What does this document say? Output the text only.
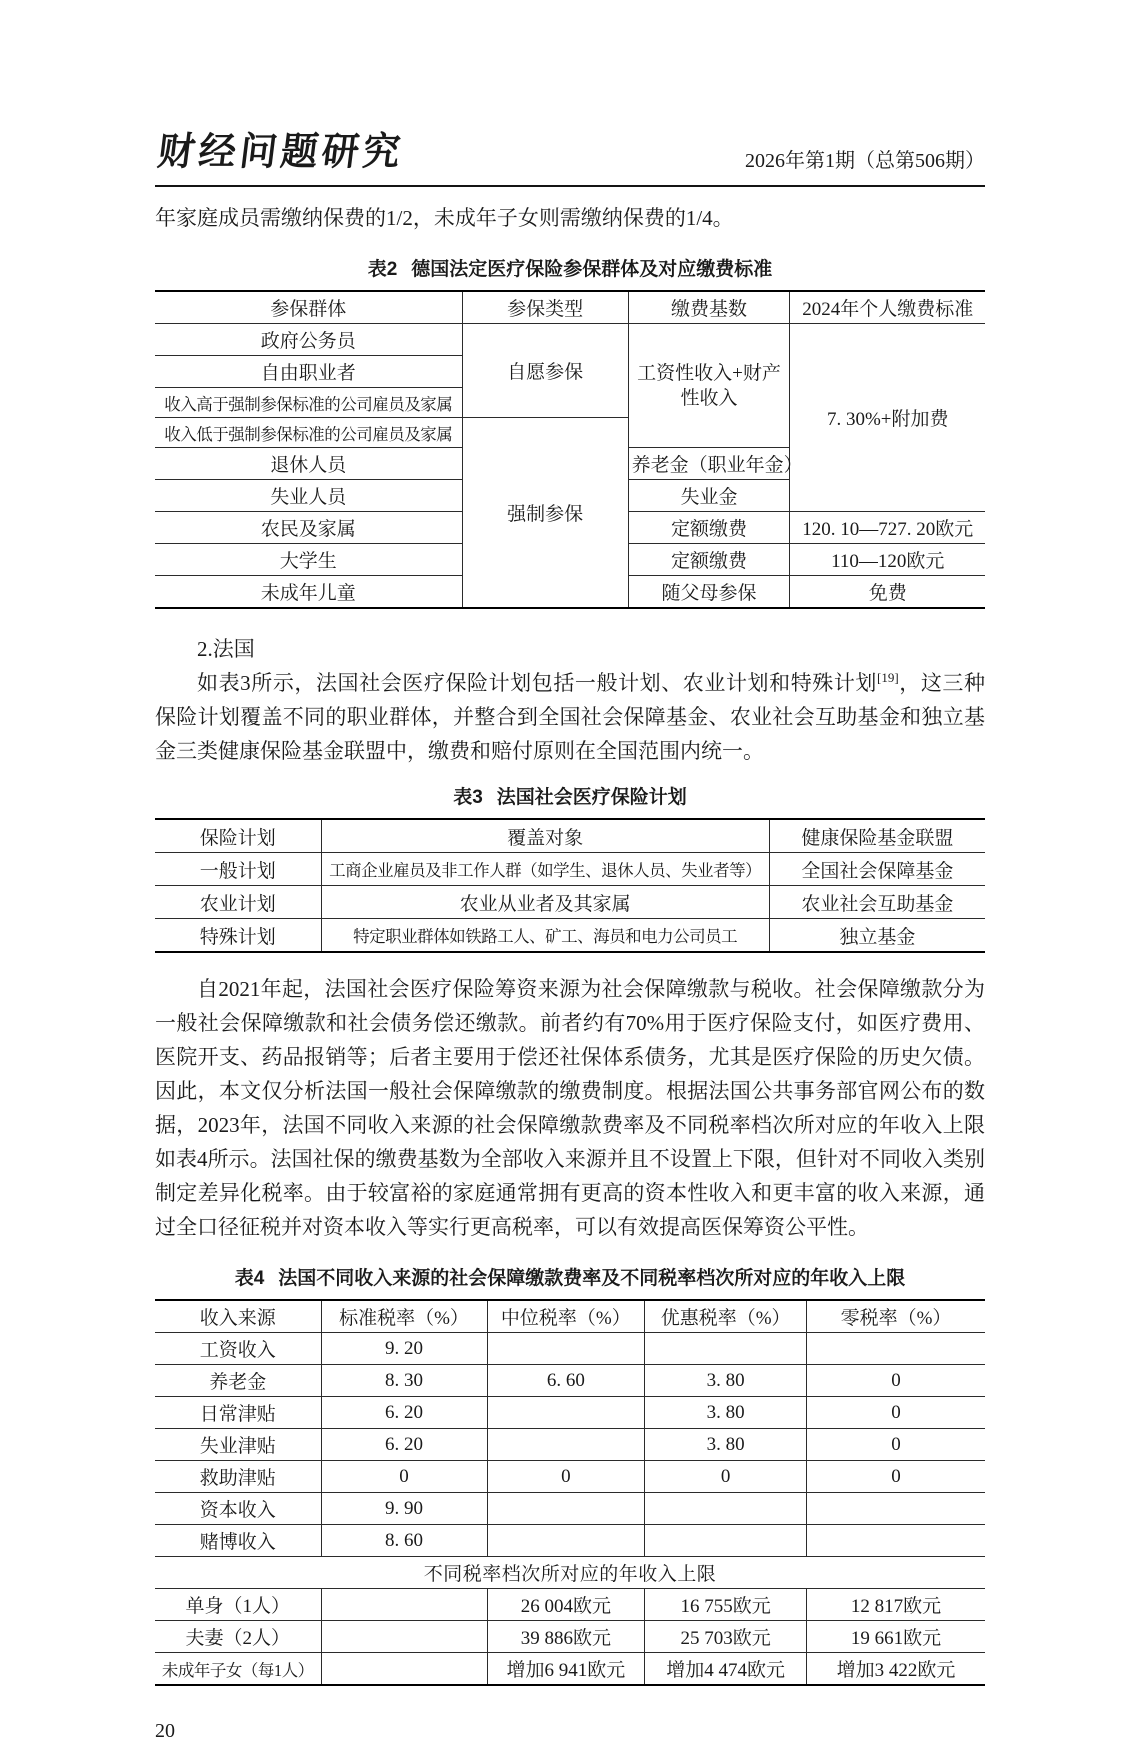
财经问题研究	2026年第1期（总第506期）

年家庭成员需缴纳保费的1/2，未成年子女则需缴纳保费的1/4。

表2 德国法定医疗保险参保群体及对应缴费标准

参保群体	参保类型	缴费基数	2024年个人缴费标准
政府公务员	自愿参保	工资性收入+财产性收入	7. 30%+附加费
自由职业者			
收入高于强制参保标准的公司雇员及家属			
收入低于强制参保标准的公司雇员及家属	强制参保		
退休人员		养老金（职业年金）	
失业人员		失业金	
农民及家属		定额缴费	120. 10—727. 20欧元
大学生		定额缴费	110—120欧元
未成年儿童		随父母参保	免费

2.法国

如表3所示，法国社会医疗保险计划包括一般计划、农业计划和特殊计划[19]，这三种保险计划覆盖不同的职业群体，并整合到全国社会保障基金、农业社会互助基金和独立基金三类健康保险基金联盟中，缴费和赔付原则在全国范围内统一。

表3 法国社会医疗保险计划

保险计划	覆盖对象	健康保险基金联盟
一般计划	工商企业雇员及非工作人群（如学生、退休人员、失业者等）	全国社会保障基金
农业计划	农业从业者及其家属	农业社会互助基金
特殊计划	特定职业群体如铁路工人、矿工、海员和电力公司员工	独立基金

自2021年起，法国社会医疗保险筹资来源为社会保障缴款与税收。社会保障缴款分为一般社会保障缴款和社会债务偿还缴款。前者约有70%用于医疗保险支付，如医疗费用、医院开支、药品报销等；后者主要用于偿还社保体系债务，尤其是医疗保险的历史欠债。因此，本文仅分析法国一般社会保障缴款的缴费制度。根据法国公共事务部官网公布的数据，2023年，法国不同收入来源的社会保障缴款费率及不同税率档次所对应的年收入上限如表4所示。法国社保的缴费基数为全部收入来源并且不设置上下限，但针对不同收入类别制定差异化税率。由于较富裕的家庭通常拥有更高的资本性收入和更丰富的收入来源，通过全口径征税并对资本收入等实行更高税率，可以有效提高医保筹资公平性。

表4 法国不同收入来源的社会保障缴款费率及不同税率档次所对应的年收入上限

收入来源	标准税率（%）	中位税率（%）	优惠税率（%）	零税率（%）
工资收入	9. 20			
养老金	8. 30	6. 60	3. 80	0
日常津贴	6. 20		3. 80	0
失业津贴	6. 20		3. 80	0
救助津贴	0	0	0	0
资本收入	9. 90			
赌博收入	8. 60			
不同税率档次所对应的年收入上限				
单身（1人）		26 004欧元	16 755欧元	12 817欧元
夫妻（2人）		39 886欧元	25 703欧元	19 661欧元
未成年子女（每1人）		增加6 941欧元	增加4 474欧元	增加3 422欧元
20
